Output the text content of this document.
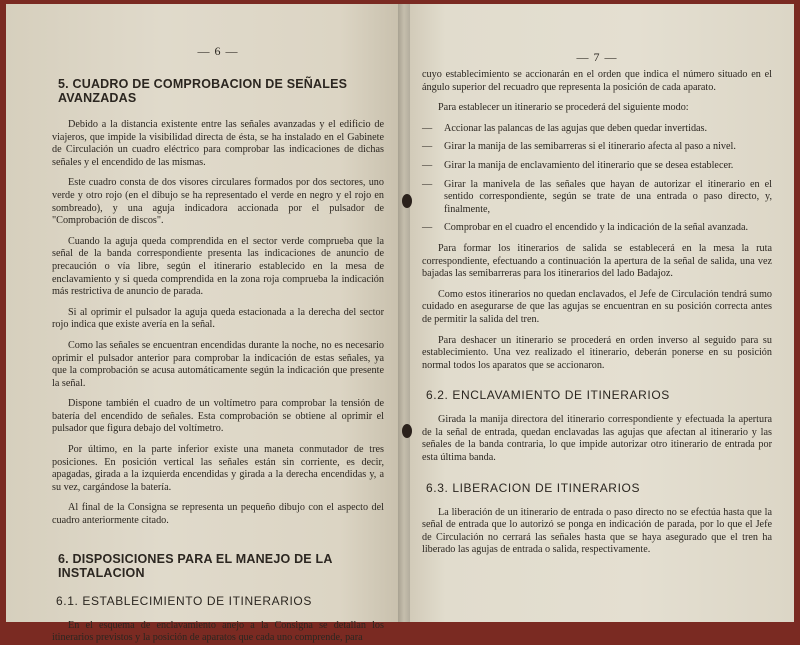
— 6 —
5. CUADRO DE COMPROBACION DE SEÑALES AVANZADAS

Debido a la distancia existente entre las señales avanzadas y el edificio de viajeros, que impide la visibilidad directa de ésta, se ha instalado en el Gabinete de Circulación un cuadro eléctrico para comprobar las indicaciones de dichas señales y el encendido de las mismas.

Este cuadro consta de dos visores circulares formados por dos sectores, uno verde y otro rojo (en el dibujo se ha representado el verde en negro y el rojo en sombreado), y una aguja indicadora accionada por el pulsador de "Comprobación de discos".

Cuando la aguja queda comprendida en el sector verde comprueba que la señal de la banda correspondiente presenta las indicaciones de anuncio de precaución o vía libre, según el itinerario establecido en la mesa de enclavamiento y si queda comprendida en la zona roja comprueba la indicación más restrictiva de anuncio de parada.

Si al oprimir el pulsador la aguja queda estacionada a la derecha del sector rojo indica que existe avería en la señal.

Como las señales se encuentran encendidas durante la noche, no es necesario oprimir el pulsador anterior para comprobar la indicación de estas señales, ya que la comprobación se acusa automáticamente según la indicación que presente la señal.

Dispone también el cuadro de un voltímetro para comprobar la tensión de batería del encendido de señales. Esta comprobación se obtiene al oprimir el pulsador que figura debajo del voltímetro.

Por último, en la parte inferior existe una maneta conmutador de tres posiciones. En posición vertical las señales están sin corriente, es decir, apagadas, girada a la izquierda encendidas y girada a la derecha encendidas y, a su vez, cargándose la batería.

Al final de la Consigna se representa un pequeño dibujo con el aspecto del cuadro anteriormente citado.

6. DISPOSICIONES PARA EL MANEJO DE LA INSTALACION
6.1. ESTABLECIMIENTO DE ITINERARIOS

En el esquema de enclavamiento anejo a la Consigna se detallan los itinerarios previstos y la posición de aparatos que cada uno comprende, para

— 7 —

cuyo establecimiento se accionarán en el orden que indica el número situado en el ángulo superior del recuadro que representa la posición de cada aparato.

Para establecer un itinerario se procederá del siguiente modo:

— Accionar las palancas de las agujas que deben quedar invertidas.
— Girar la manija de las semibarreras si el itinerario afecta al paso a nivel.
— Girar la manija de enclavamiento del itinerario que se desea establecer.
— Girar la manivela de las señales que hayan de autorizar el itinerario en el sentido correspondiente, según se trate de una entrada o paso directo, y, finalmente,
— Comprobar en el cuadro el encendido y la indicación de la señal avanzada.

Para formar los itinerarios de salida se establecerá en la mesa la ruta correspondiente, efectuando a continuación la apertura de la señal de salida, una vez bajadas las semibarreras para los itinerarios del lado Badajoz.

Como estos itinerarios no quedan enclavados, el Jefe de Circulación tendrá sumo cuidado en asegurarse de que las agujas se encuentran en su posición correcta antes de permitir la salida del tren.

Para deshacer un itinerario se procederá en orden inverso al seguido para su establecimiento. Una vez realizado el itinerario, deberán ponerse en su posición normal todos los aparatos que se accionaron.

6.2. ENCLAVAMIENTO DE ITINERARIOS

Girada la manija directora del itinerario correspondiente y efectuada la apertura de la señal de entrada, quedan enclavadas las agujas que afectan al itinerario y las señales de la banda contraria, lo que impide autorizar otro itinerario de entrada por esta última banda.

6.3. LIBERACION DE ITINERARIOS

La liberación de un itinerario de entrada o paso directo no se efectúa hasta que la señal de entrada que lo autorizó se ponga en indicación de parada, por lo que el Jefe de Circulación no cerrará las señales hasta que se haya asegurado que el tren ha liberado las agujas de entrada o salida, respectivamente.
